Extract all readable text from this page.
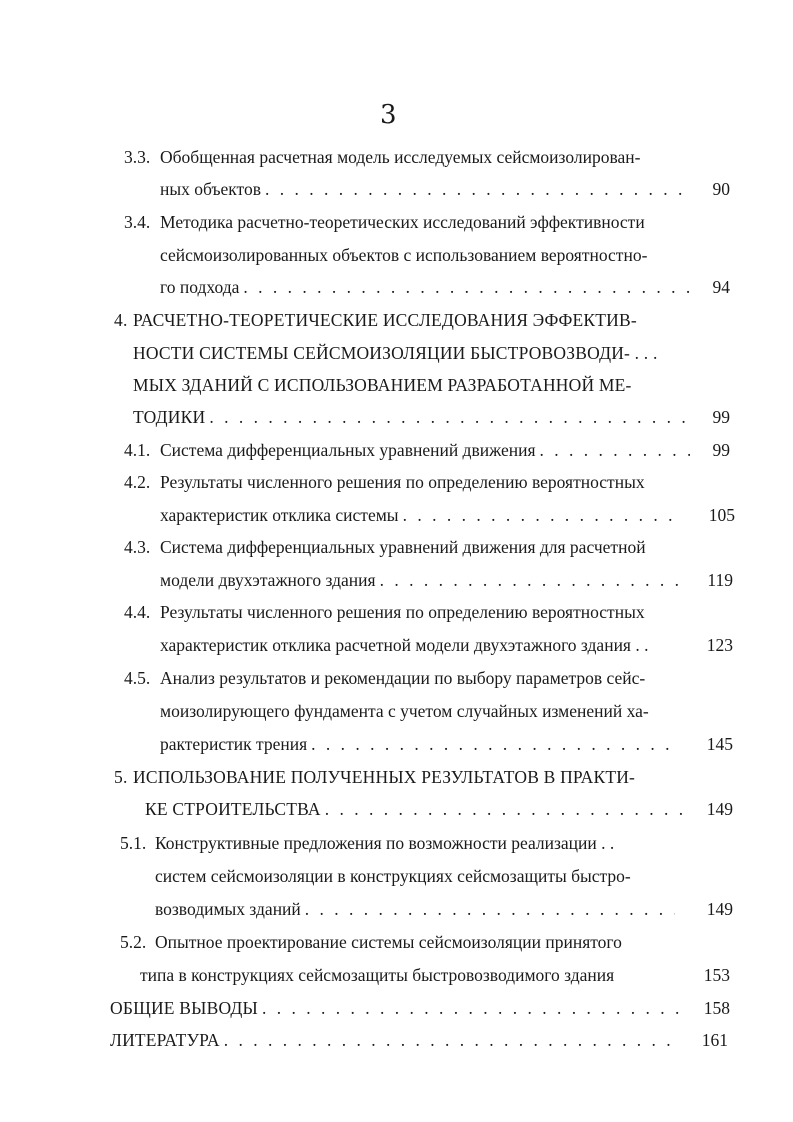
3
3.3. Обобщенная расчетная модель исследуемых сейсмоизолирован-
ных объектов . . .	90
3.4. Методика расчетно-теоретических исследований эффективности
сейсмоизолированных объектов с использованием вероятностно-
го подхода . . .	94
4. РАСЧЕТНО-ТЕОРЕТИЧЕСКИЕ ИССЛЕДОВАНИЯ ЭФФЕКТИВ-
НОСТИ СИСТЕМЫ СЕЙСМОИЗОЛЯЦИИ БЫСТРОВОЗВОДИ- . . .
МЫХ ЗДАНИЙ С ИСПОЛЬЗОВАНИЕМ РАЗРАБОТАННОЙ МЕ-
ТОДИКИ . . .	99
4.1. Система дифференциальных уравнений движения . . .	99
4.2. Результаты численного решения по определению вероятностных
характеристик отклика системы . . .	105
4.3. Система дифференциальных уравнений движения для расчетной
модели двухэтажного здания . . .	119
4.4. Результаты численного решения по определению вероятностных
характеристик отклика расчетной модели двухэтажного здания . .	123
4.5. Анализ результатов и рекомендации по выбору параметров сейс-
моизолирующего фундамента с учетом случайных изменений ха-
рактеристик трения . . .	145
5. ИСПОЛЬЗОВАНИЕ ПОЛУЧЕННЫХ РЕЗУЛЬТАТОВ В ПРАКТИ-
КЕ СТРОИТЕЛЬСТВА . . .	149
5.1. Конструктивные предложения по возможности реализации . .
систем сейсмоизоляции в конструкциях сейсмозащиты быстро-
возводимых зданий . . .	149
5.2. Опытное проектирование системы сейсмоизоляции принятого
типа в конструкциях сейсмозащиты быстровозводимого здания	153
ОБЩИЕ ВЫВОДЫ . . .	158
ЛИТЕРАТУРА . . .	161
